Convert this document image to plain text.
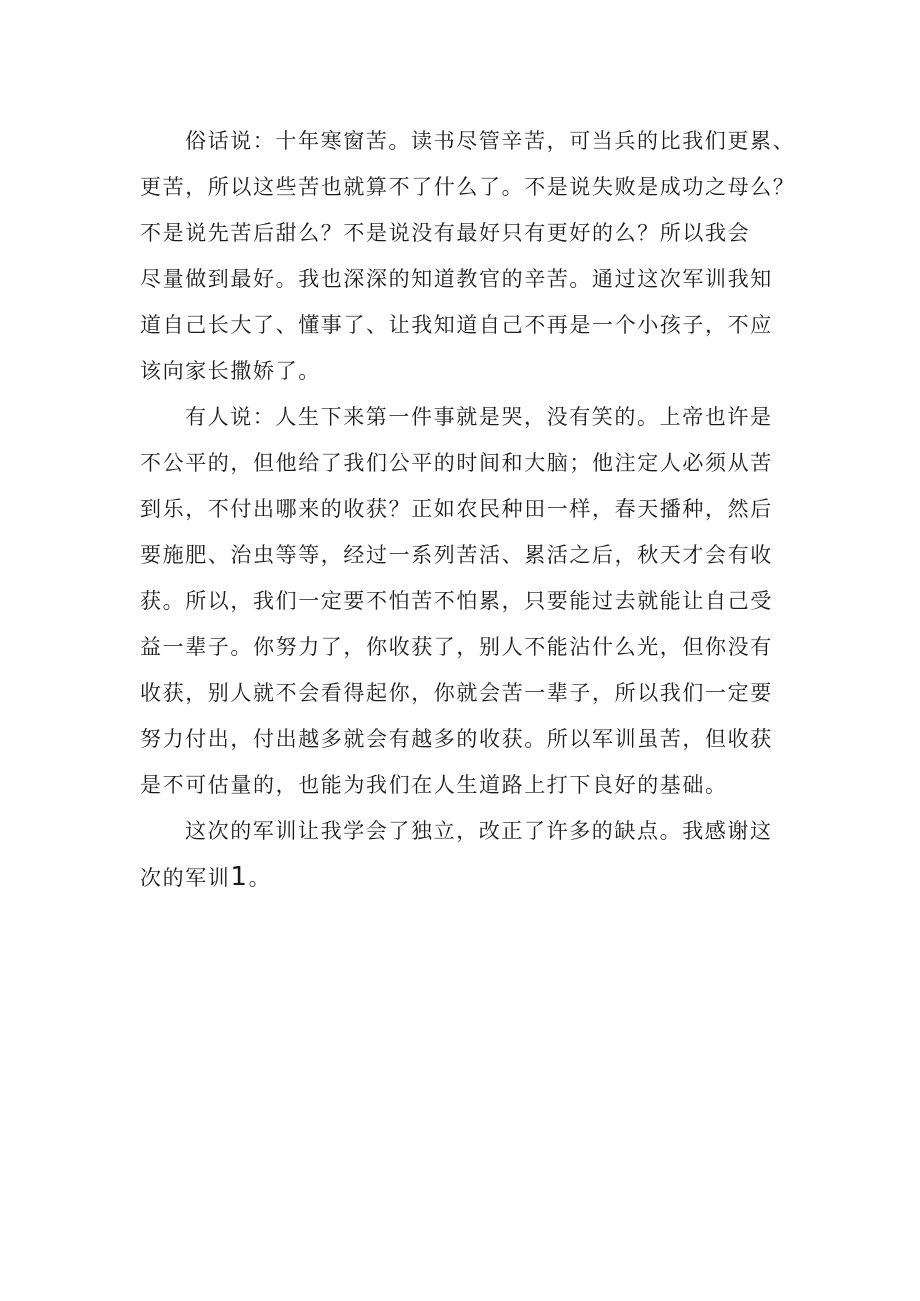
俗话说：十年寒窗苦。读书尽管辛苦，可当兵的比我们更累、
更苦，所以这些苦也就算不了什么了。不是说失败是成功之母么？
不是说先苦后甜么？不是说没有最好只有更好的么？所以我会
尽量做到最好。我也深深的知道教官的辛苦。通过这次军训我知
道自己长大了、懂事了、让我知道自己不再是一个小孩子，不应
该向家长撒娇了。
有人说：人生下来第一件事就是哭，没有笑的。上帝也许是
不公平的，但他给了我们公平的时间和大脑；他注定人必须从苦
到乐，不付出哪来的收获？正如农民种田一样，春天播种，然后
要施肥、治虫等等，经过一系列苦活、累活之后，秋天才会有收
获。所以，我们一定要不怕苦不怕累，只要能过去就能让自己受
益一辈子。你努力了，你收获了，别人不能沾什么光，但你没有
收获，别人就不会看得起你，你就会苦一辈子，所以我们一定要
努力付出，付出越多就会有越多的收获。所以军训虽苦，但收获
是不可估量的，也能为我们在人生道路上打下良好的基础。
这次的军训让我学会了独立，改正了许多的缺点。我感谢这
次的军训1。
